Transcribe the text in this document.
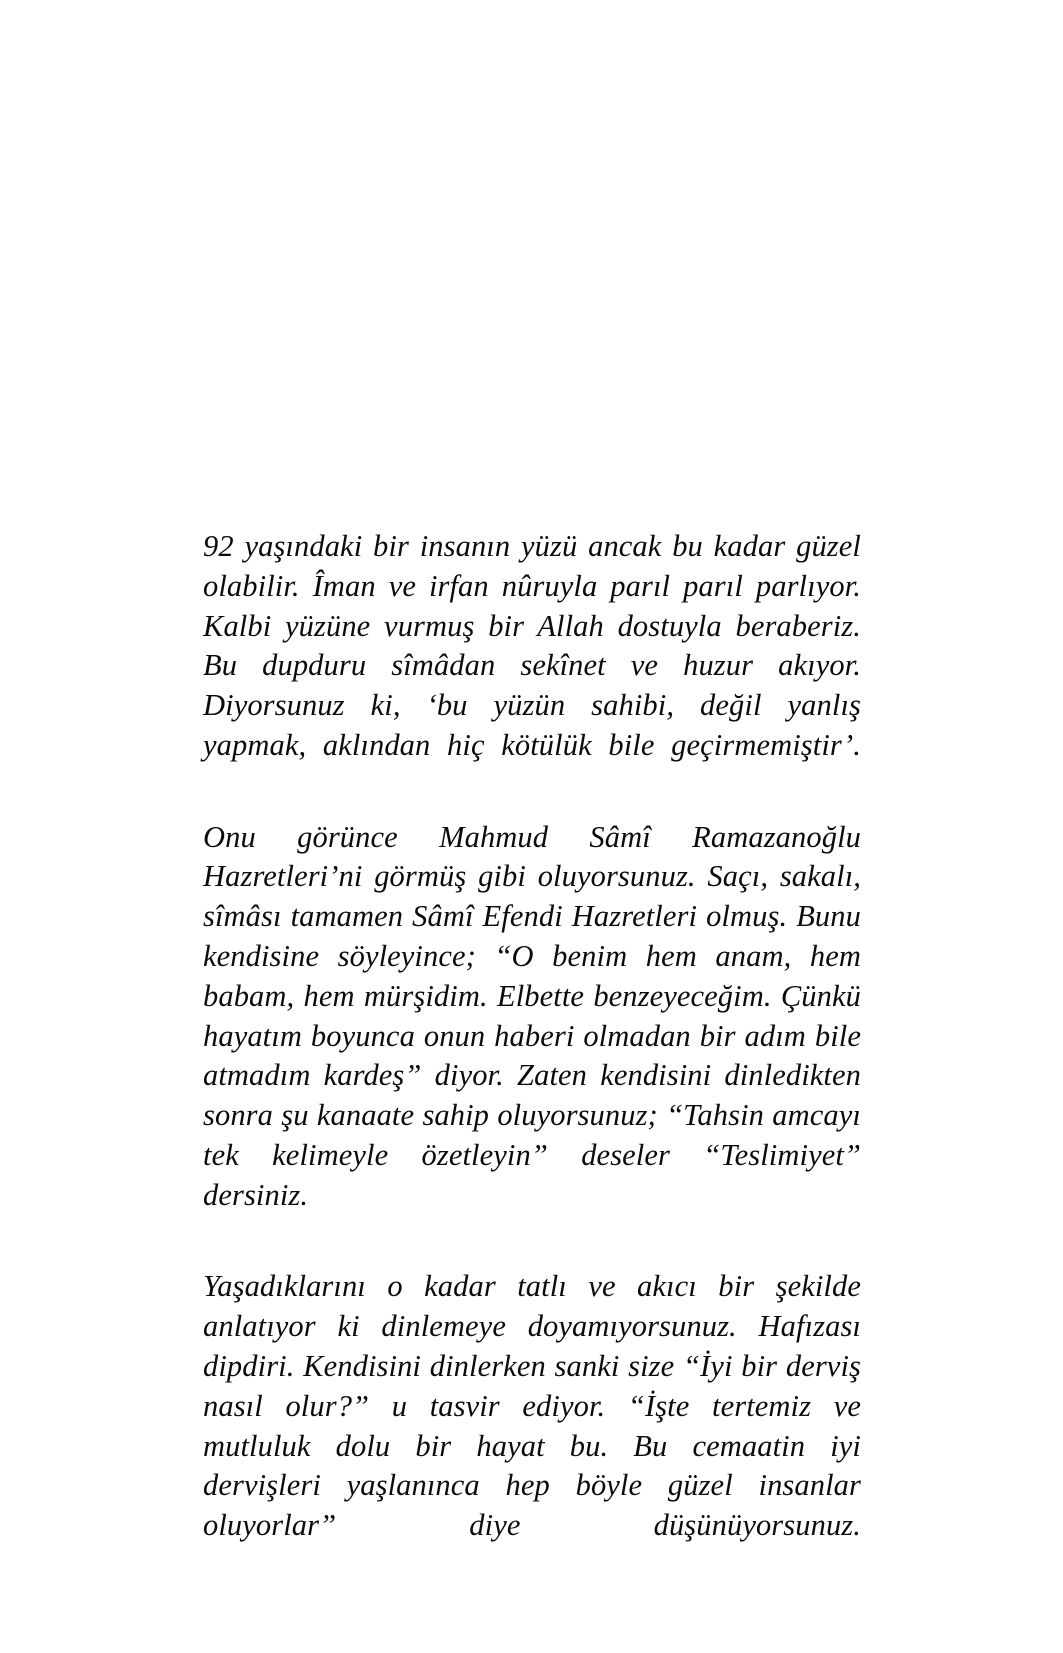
92 yaşındaki bir insanın yüzü ancak bu kadar güzel olabilir. Îman ve irfan nûruyla parıl parıl parlıyor. Kalbi yüzüne vurmuş bir Allah dostuyla beraberiz. Bu dupduru sîmâdan sekînet ve huzur akıyor. Diyorsunuz ki, ‘bu yüzün sahibi, değil yanlış yapmak, aklından hiç kötülük bile geçirmemiştir’.

Onu görünce Mahmud Sâmî Ramazanoğlu Hazretleri’ni görmüş gibi oluyorsunuz. Saçı, sakalı, sîmâsı tamamen Sâmî Efendi Hazretleri olmuş. Bunu kendisine söyleyince; “O benim hem anam, hem babam, hem mürşidim. Elbette benzeyeceğim. Çünkü hayatım boyunca onun haberi olmadan bir adım bile atmadım kardeş” diyor. Zaten kendisini dinledikten sonra şu kanaate sahip oluyorsunuz; “Tahsin amcayı tek kelimeyle özetleyin” deseler “Teslimiyet” dersiniz.

Yaşadıklarını o kadar tatlı ve akıcı bir şekilde anlatıyor ki dinlemeye doyamıyorsunuz. Hafızası dipdiri. Kendisini dinlerken sanki size “İyi bir derviş nasıl olur?” u tasvir ediyor. “İşte tertemiz ve mutluluk dolu bir hayat bu. Bu cemaatin iyi dervişleri yaşlanınca hep böyle güzel insanlar oluyorlar” diye düşünüyorsunuz.
